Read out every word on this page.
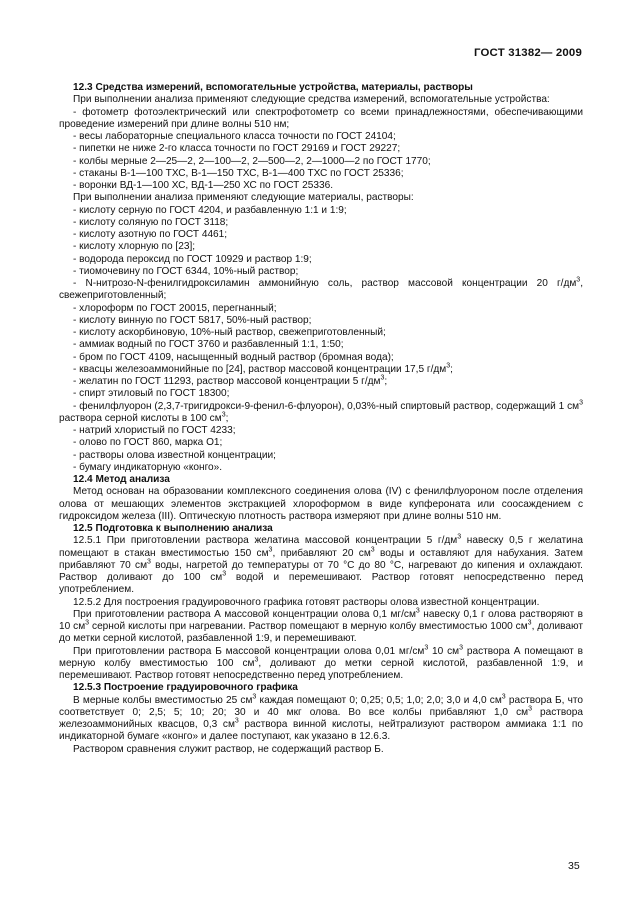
ГОСТ 31382— 2009

12.3 Средства измерений, вспомогательные устройства, материалы, растворы

При выполнении анализа применяют следующие средства измерений, вспомогательные устройства:

- фотометр фотоэлектрический или спектрофотометр со всеми принадлежностями, обеспечивающими проведение измерений при длине волны 510 нм;

- весы лабораторные специального класса точности по ГОСТ 24104;

- пипетки не ниже 2-го класса точности по ГОСТ 29169 и ГОСТ 29227;

- колбы мерные 2—25—2, 2—100—2, 2—500—2, 2—1000—2 по ГОСТ 1770;

- стаканы В-1—100 ТХС, В-1—150 ТХС, В-1—400 ТХС по ГОСТ 25336;

- воронки ВД-1—100 ХС, ВД-1—250 ХС по ГОСТ 25336.

При выполнении анализа применяют следующие материалы, растворы:

- кислоту серную по ГОСТ 4204, и разбавленную 1:1 и 1:9;

- кислоту соляную по ГОСТ 3118;

- кислоту азотную по ГОСТ 4461;

- кислоту хлорную по [23];

- водорода пероксид по ГОСТ 10929 и раствор 1:9;

- тиомочевину по ГОСТ 6344, 10%-ный раствор;

- N-нитрозо-N-фенилгидроксиламин аммонийную соль, раствор массовой концентрации 20 $г/дм^3$, свежеприготовленный;

- хлороформ по ГОСТ 20015, перегнанный;

- кислоту винную по ГОСТ 5817, 50%-ный раствор;

- кислоту аскорбиновую, 10%-ный раствор, свежеприготовленный;

- аммиак водный по ГОСТ 3760 и разбавленный 1:1, 1:50;

- бром по ГОСТ 4109, насыщенный водный раствор (бромная вода);

- квасцы железоаммонийные по [24], раствор массовой концентрации 17,5 $г/дм^3$;

- желатин по ГОСТ 11293, раствор массовой концентрации 5 $г/дм^3$;

- спирт этиловый по ГОСТ 18300;

- фенилфлуорон (2,3,7-тригидрокси-9-фенил-6-флуорон), 0,03%-ный спиртовый раствор, содержащий 1 $см^3$ раствора серной кислоты в 100 $см^3$;

- натрий хлористый по ГОСТ 4233;

- олово по ГОСТ 860, марка О1;

- растворы олова известной концентрации;

- бумагу индикаторную «конго».

12.4 Метод анализа

Метод основан на образовании комплексного соединения олова (IV) с фенилфлуороном после отделения олова от мешающих элементов экстракцией хлороформом в виде купфероната или соосаждением с гидроксидом железа (III). Оптическую плотность раствора измеряют при длине волны 510 нм.

12.5 Подготовка к выполнению анализа

12.5.1 При приготовлении раствора желатина массовой концентрации 5 $г/дм^3$ навеску 0,5 г желатина помещают в стакан вместимостью 150 $см^3$, прибавляют 20 $см^3$ воды и оставляют для набухания. Затем прибавляют 70 $см^3$ воды, нагретой до температуры от 70 °С до 80 °С, нагревают до кипения и охлаждают. Раствор доливают до 100 $см^3$ водой и перемешивают. Раствор готовят непосредственно перед употреблением.

12.5.2 Для построения градуировочного графика готовят растворы олова известной концентрации.

При приготовлении раствора А массовой концентрации олова 0,1 $мг/см^3$ навеску 0,1 г олова растворяют в 10 $см^3$ серной кислоты при нагревании. Раствор помещают в мерную колбу вместимостью 1000 $см^3$, доливают до метки серной кислотой, разбавленной 1:9, и перемешивают.

При приготовлении раствора Б массовой концентрации олова 0,01 $мг/см^3$ 10 $см^3$ раствора А помещают в мерную колбу вместимостью 100 $см^3$, доливают до метки серной кислотой, разбавленной 1:9, и перемешивают. Раствор готовят непосредственно перед употреблением.

12.5.3 Построение градуировочного графика

В мерные колбы вместимостью 25 $см^3$ каждая помещают 0; 0,25; 0,5; 1,0; 2,0; 3,0 и 4,0 $см^3$ раствора Б, что соответствует 0; 2,5; 5; 10; 20; 30 и 40 мкг олова. Во все колбы прибавляют 1,0 $см^3$ раствора железоаммонийных квасцов, 0,3 $см^3$ раствора винной кислоты, нейтрализуют раствором аммиака 1:1 по индикаторной бумаге «конго» и далее поступают, как указано в 12.6.3.

Раствором сравнения служит раствор, не содержащий раствор Б.

35
